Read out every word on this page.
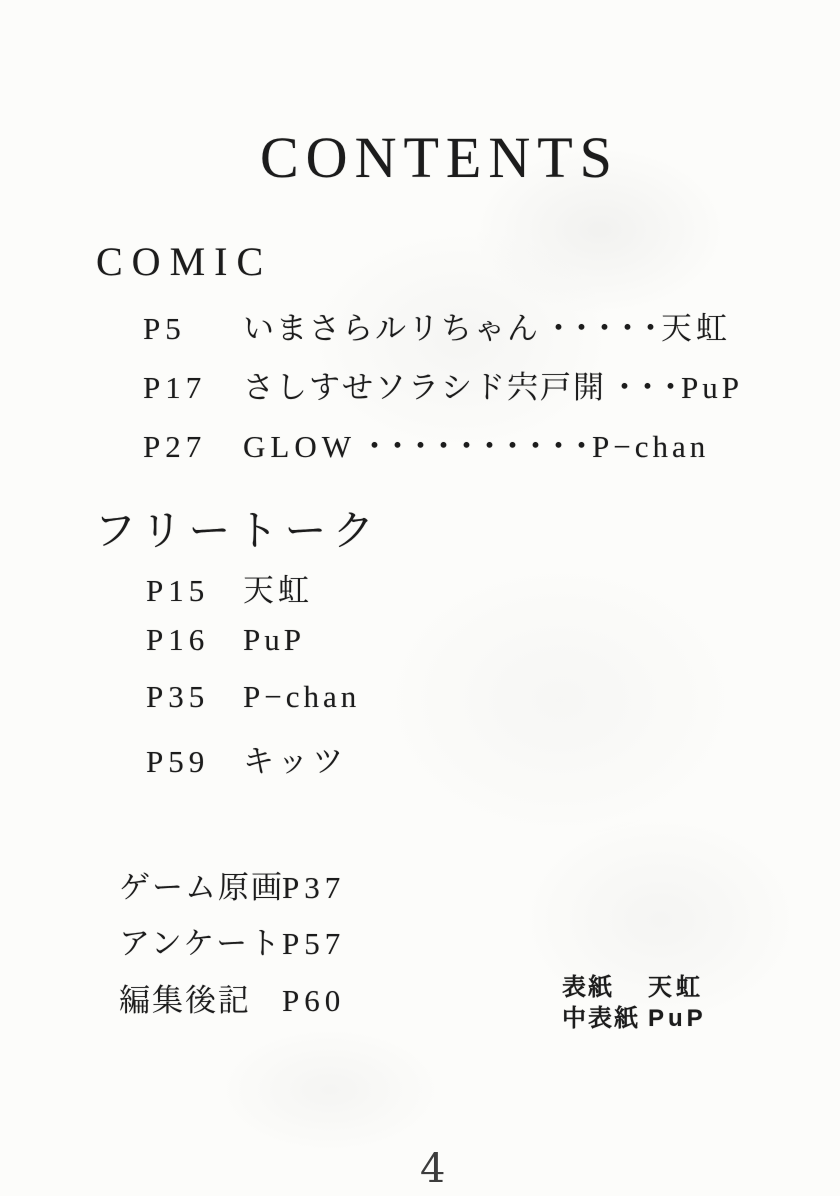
CONTENTS
COMIC
P5 いまさらルリちゃん・・・・・天虹
P17 さしすせソラシド宍戸開・・・PuP
P27 GLOW・・・・・・・・・・P−chan
フリートーク
P15 天虹
P16 PuP
P35 P−chan
P59 キッツ
ゲーム原画P37
アンケートP57
編集後記 P60	表紙 天虹
中表紙 PuP
4
